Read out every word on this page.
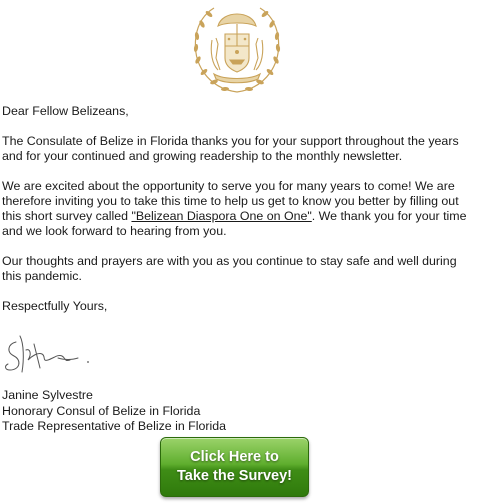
Dear Fellow Belizeans,

The Consulate of Belize in Florida thanks you for your support throughout the years and for your continued and growing readership to the monthly newsletter.

We are excited about the opportunity to serve you for many years to come! We are therefore inviting you to take this time to help us get to know you better by filling out this short survey called "Belizean Diaspora One on One". We thank you for your time and we look forward to hearing from you.

Our thoughts and prayers are with you as you continue to stay safe and well during this pandemic.

Respectfully Yours,

Janine Sylvestre
Honorary Consul of Belize in Florida
Trade Representative of Belize in Florida
Click Here to
Take the Survey!
